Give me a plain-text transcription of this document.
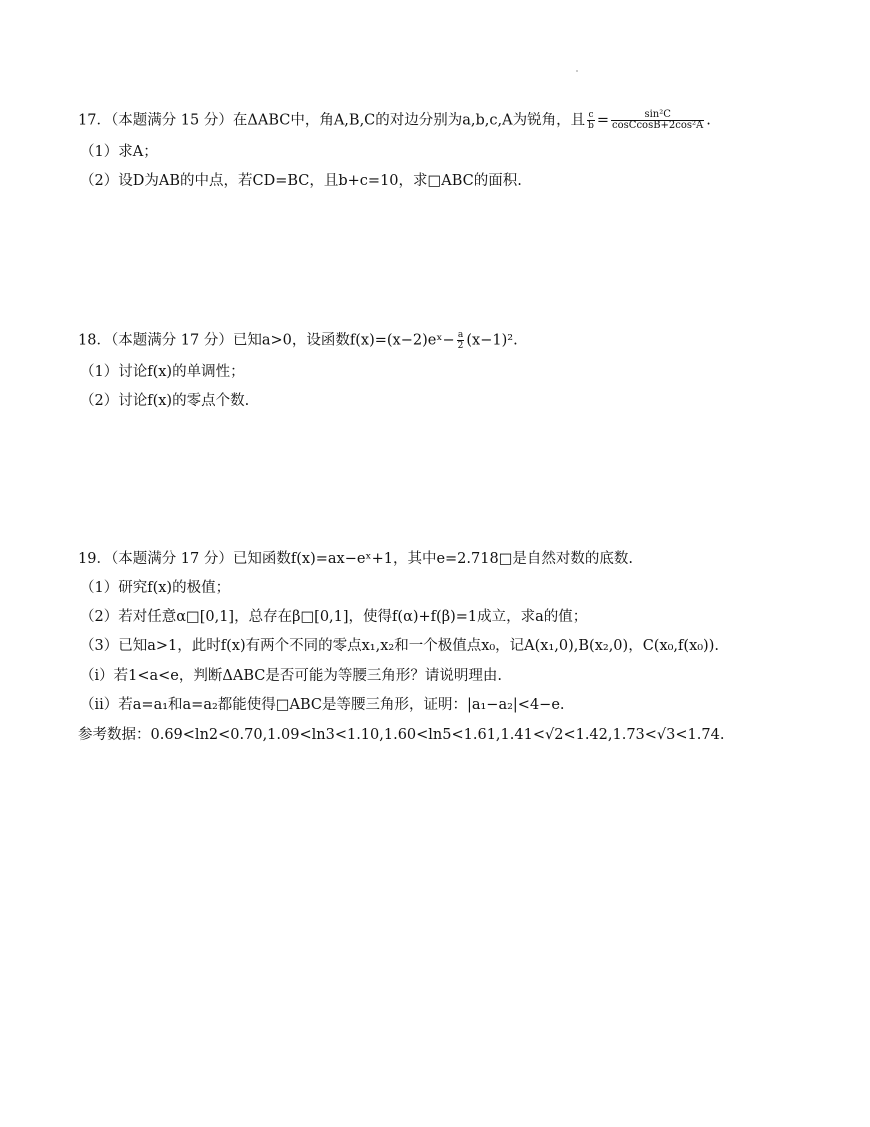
17．（本题满分 15 分）在ΔABC中，角A,B,C的对边分别为a,b,c,A为锐角，且 $\frac{c}{b} = \frac{\text{sin²C}}{\text{cosCcosB+2cos²A}}$ .
（1）求A；
（2）设D为AB的中点，若CD=BC，且b+c=10，求□ABC的面积.
18．（本题满分 17 分）已知a>0，设函数f(x)=(x−2)eˣ− $\frac{a}{2} (x-1)^2$.
（1）讨论f(x)的单调性；
（2）讨论f(x)的零点个数.
19．（本题满分 17 分）已知函数f(x)=ax−eˣ+1，其中e=2.718□是自然对数的底数.
（1）研究f(x)的极值；
（2）若对任意α□[0,1]，总存在β□[0,1]，使得f(α)+f(β)=1成立，求a的值；
（3）已知a>1，此时f(x)有两个不同的零点x₁,x₂和一个极值点x₀，记A(x₁,0),B(x₂,0)，C(x₀,f(x₀)).
（i）若1<a<e，判断ΔABC是否可能为等腰三角形？请说明理由.
（ii）若a=a₁和a=a₂都能使得□ABC是等腰三角形，证明：|a₁−a₂|<4−e.
参考数据：0.69<ln2<0.70,1.09<ln3<1.10,1.60<ln5<1.61,1.41<√2<1.42,1.73<√3<1.74.
